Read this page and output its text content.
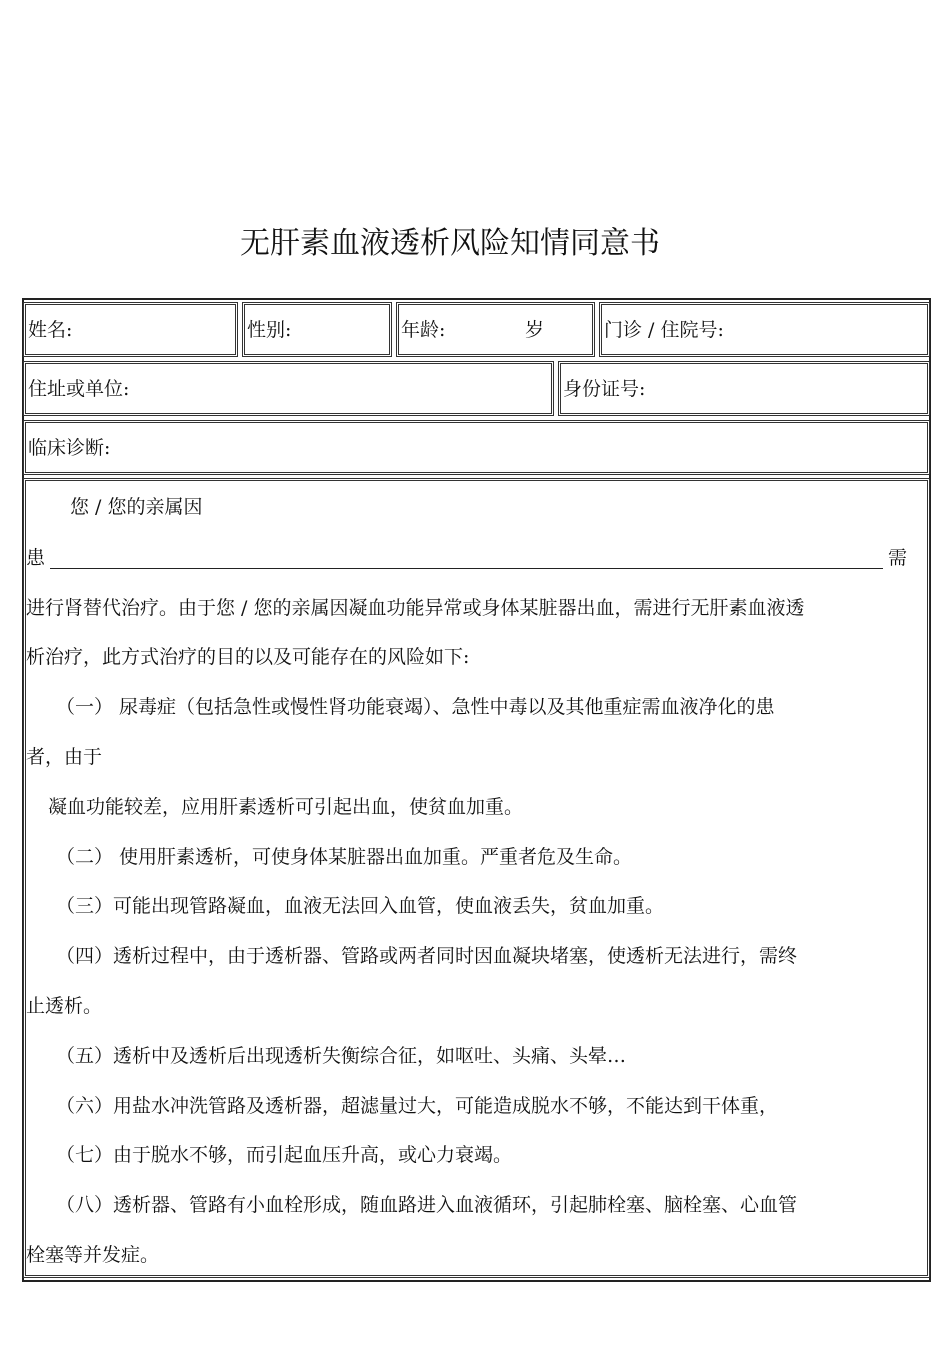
无肝素血液透析风险知情同意书
姓名:	性别:	年龄:	岁	门诊 / 住院号:
住址或单位:	身份证号:
临床诊断:
您 / 您的亲属因
患	需
进行肾替代治疗。由于您 / 您的亲属因凝血功能异常或身体某脏器出血，需进行无肝素血液透
析治疗，此方式治疗的目的以及可能存在的风险如下:
（一） 尿毒症（包括急性或慢性肾功能衰竭）、急性中毒以及其他重症需血液净化的患
者，由于
凝血功能较差，应用肝素透析可引起出血，使贫血加重。
（二） 使用肝素透析，可使身体某脏器出血加重。严重者危及生命。
（三）可能出现管路凝血，血液无法回入血管，使血液丢失，贫血加重。
（四）透析过程中，由于透析器、管路或两者同时因血凝块堵塞，使透析无法进行，需终
止透析。
（五）透析中及透析后出现透析失衡综合征，如呕吐、头痛、头晕…
（六）用盐水冲洗管路及透析器，超滤量过大，可能造成脱水不够，不能达到干体重，
（七）由于脱水不够，而引起血压升高，或心力衰竭。
（八）透析器、管路有小血栓形成，随血路进入血液循环，引起肺栓塞、脑栓塞、心血管
栓塞等并发症。
